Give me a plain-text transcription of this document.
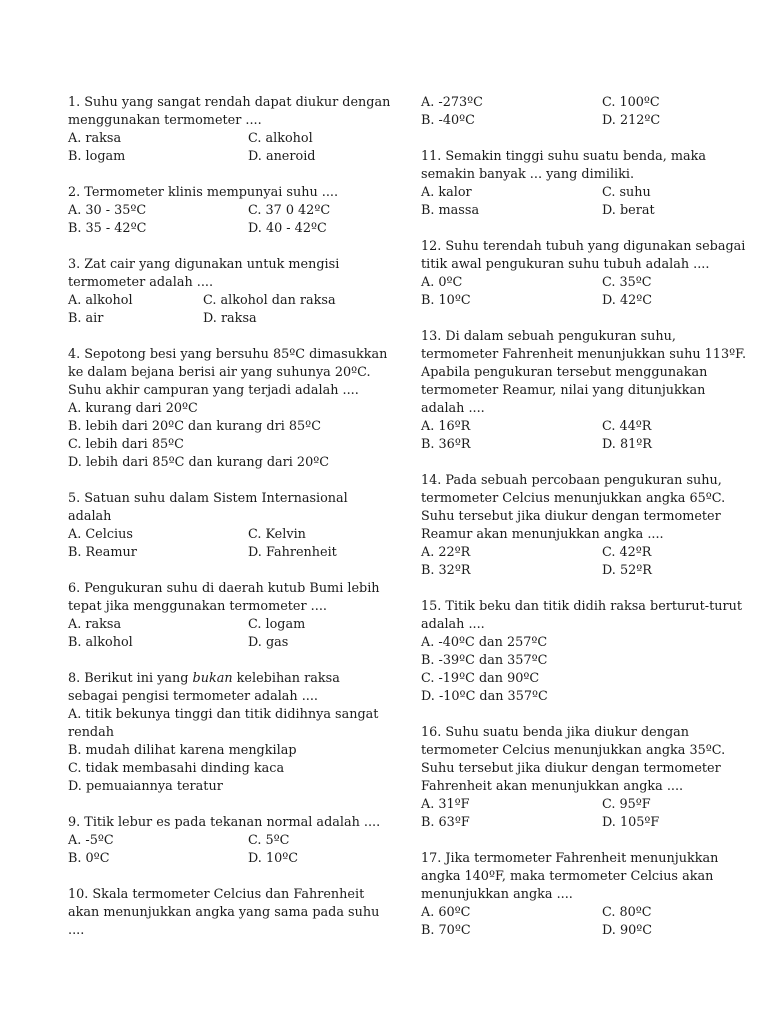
1. Suhu yang sangat rendah dapat diukur dengan menggunakan termometer ....
A. raksa	C. alkohol
B. logam	D. aneroid
2. Termometer klinis mempunyai suhu ....
A. 30 - 35ºC	C. 37 0 42ºC
B. 35 - 42ºC	D. 40 - 42ºC
3. Zat cair yang digunakan untuk mengisi termometer adalah ....
A. alkohol	C. alkohol dan raksa
B. air	D. raksa
4. Sepotong besi yang bersuhu 85ºC dimasukkan ke dalam bejana berisi air yang suhunya 20ºC. Suhu akhir campuran yang terjadi adalah ....
A. kurang dari 20ºC
B. lebih dari 20ºC dan kurang dri 85ºC
C. lebih dari 85ºC
D. lebih dari 85ºC dan kurang dari 20ºC
5. Satuan suhu dalam Sistem Internasional adalah
A. Celcius	C. Kelvin
B. Reamur	D. Fahrenheit
6. Pengukuran suhu di daerah kutub Bumi lebih tepat jika menggunakan termometer ....
A. raksa	C. logam
B. alkohol	D. gas
8. Berikut ini yang bukan kelebihan raksa sebagai pengisi termometer adalah ....
A. titik bekunya tinggi dan titik didihnya sangat rendah
B. mudah dilihat karena mengkilap
C. tidak membasahi dinding kaca
D. pemuaiannya teratur
9. Titik lebur es pada tekanan normal adalah ....
A. -5ºC	C. 5ºC
B. 0ºC	D. 10ºC
10. Skala termometer Celcius dan Fahrenheit akan menunjukkan angka yang sama pada suhu ....
A. -273ºC	C. 100ºC
B. -40ºC	D. 212ºC
11. Semakin tinggi suhu suatu benda, maka semakin banyak ... yang dimiliki.
A. kalor	C. suhu
B. massa	D. berat
12. Suhu terendah tubuh yang digunakan sebagai titik awal pengukuran suhu tubuh adalah ....
A. 0ºC	C. 35ºC
B. 10ºC	D. 42ºC
13. Di dalam sebuah pengukuran suhu, termometer Fahrenheit menunjukkan suhu 113ºF. Apabila pengukuran tersebut menggunakan termometer Reamur, nilai yang ditunjukkan adalah ....
A. 16ºR	C. 44ºR
B. 36ºR	D. 81ºR
14. Pada sebuah percobaan pengukuran suhu, termometer Celcius menunjukkan angka 65ºC. Suhu tersebut jika diukur dengan termometer Reamur akan menunjukkan angka ....
A. 22ºR	C. 42ºR
B. 32ºR	D. 52ºR
15. Titik beku dan titik didih raksa berturut-turut adalah ....
A. -40ºC dan 257ºC
B. -39ºC dan 357ºC
C. -19ºC dan 90ºC
D. -10ºC dan 357ºC
16. Suhu suatu benda jika diukur dengan termometer Celcius menunjukkan angka 35ºC. Suhu tersebut jika diukur dengan termometer Fahrenheit akan menunjukkan angka ....
A. 31ºF	C. 95ºF
B. 63ºF	D. 105ºF
17. Jika termometer Fahrenheit menunjukkan angka 140ºF, maka termometer Celcius akan menunjukkan angka ....
A. 60ºC	C. 80ºC
B. 70ºC	D. 90ºC
